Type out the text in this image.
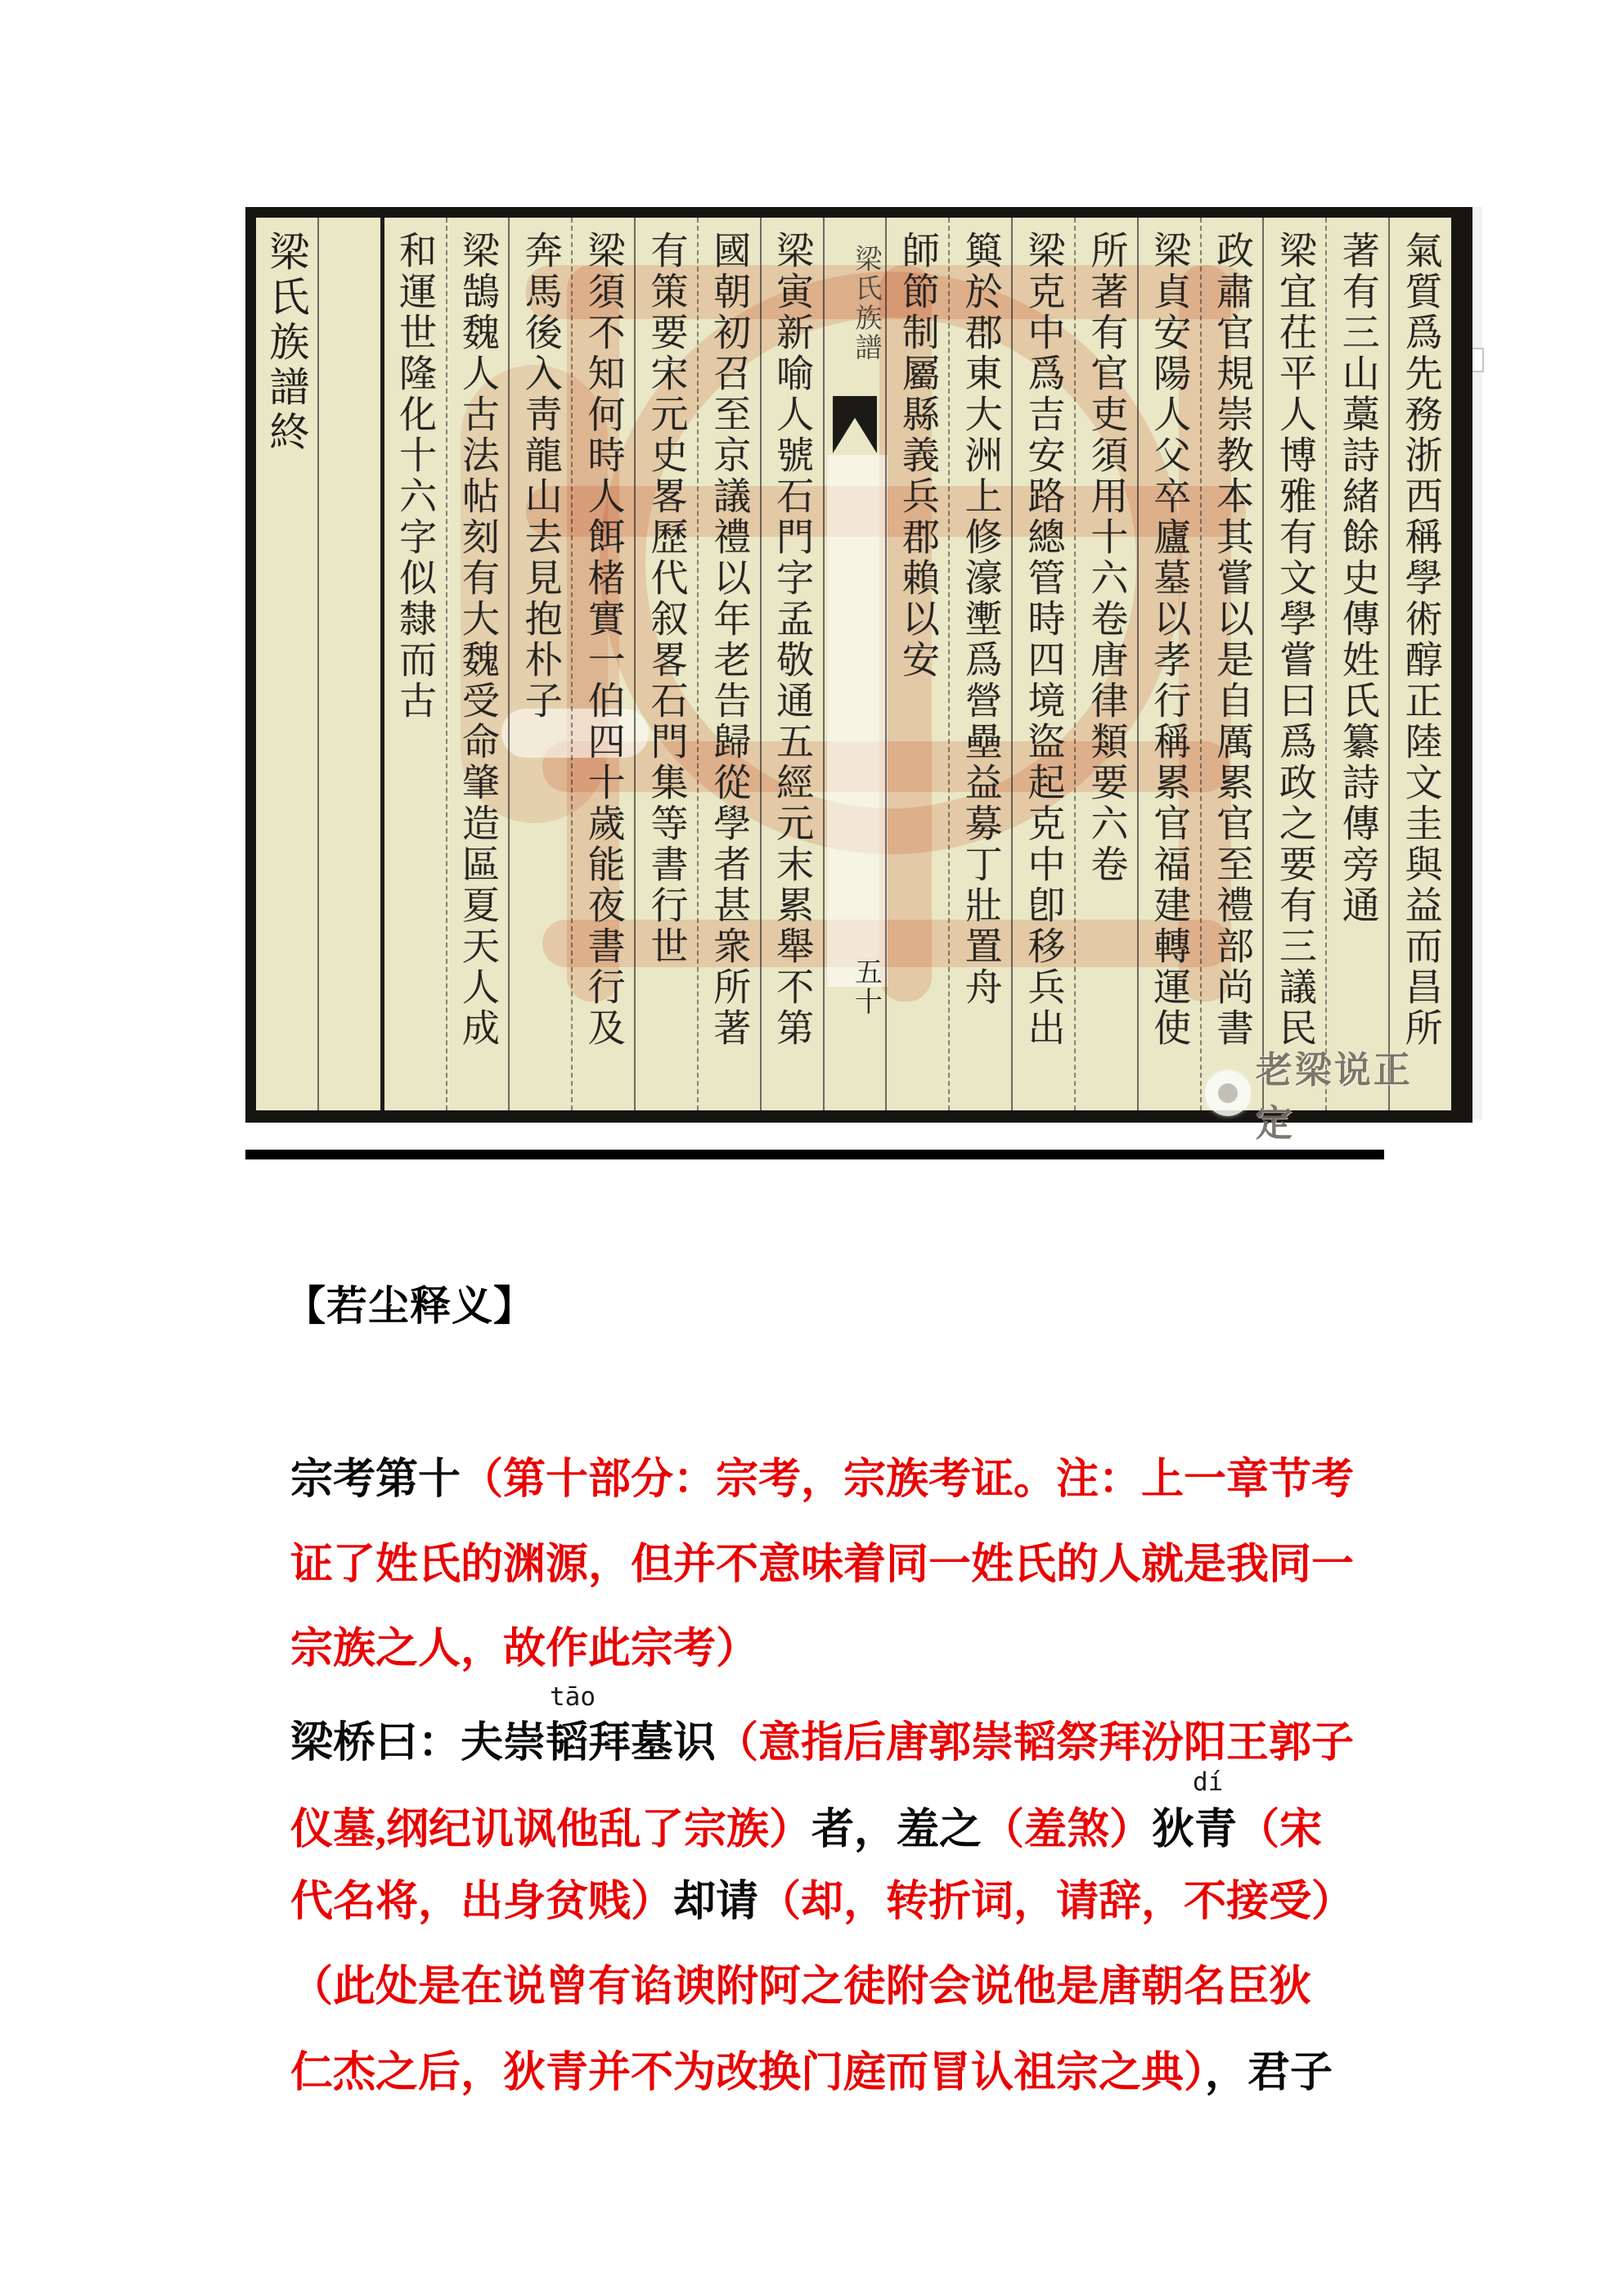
氣質爲先務浙西稱學術醇正陸文圭與益而昌所
著有三山藁詩緒餘史傳姓氏纂詩傳旁通
梁宜茌平人博雅有文學嘗曰爲政之要有三議民
政肅官規崇教本其嘗以是自厲累官至禮部尚書
梁貞安陽人父卒廬墓以孝行稱累官福建轉運使
所著有官吏須用十六卷唐律類要六卷
梁克中爲吉安路總管時四境盜起克中卽移兵出
籅於郡東大洲上修濠壍爲營壘益募丁壯置舟
師節制屬縣義兵郡賴以安
梁氏族譜
五十
梁寅新喻人號石門字孟敬通五經元末累舉不第
國朝初召至京議禮以年老告歸從學者甚衆所著
有策要宋元史畧歷代叙畧石門集等書行世
梁須不知何時人餌楮實一伯四十歲能夜書行及
奔馬後入靑龍山去見抱朴子
梁鵠魏人古法帖刻有大魏受命肇造區夏天人成
和運世隆化十六字似隸而古
梁氏族譜終
老梁说正定
【若尘释义】
宗考第十（第十部分：宗考，宗族考证。注：上一章节考
证了姓氏的渊源，但并不意味着同一姓氏的人就是我同一
宗族之人，故作此宗考）
梁桥曰：夫崇韬拜墓识（意指后唐郭崇韬祭拜汾阳王郭子
仪墓,纲纪讥讽他乱了宗族）者，羞之（羞煞）狄青（宋
代名将，出身贫贱）却请（却，转折词，请辞，不接受）
（此处是在说曾有谄谀附阿之徒附会说他是唐朝名臣狄
仁杰之后，狄青并不为改换门庭而冒认祖宗之典），君子
tāo
dí
